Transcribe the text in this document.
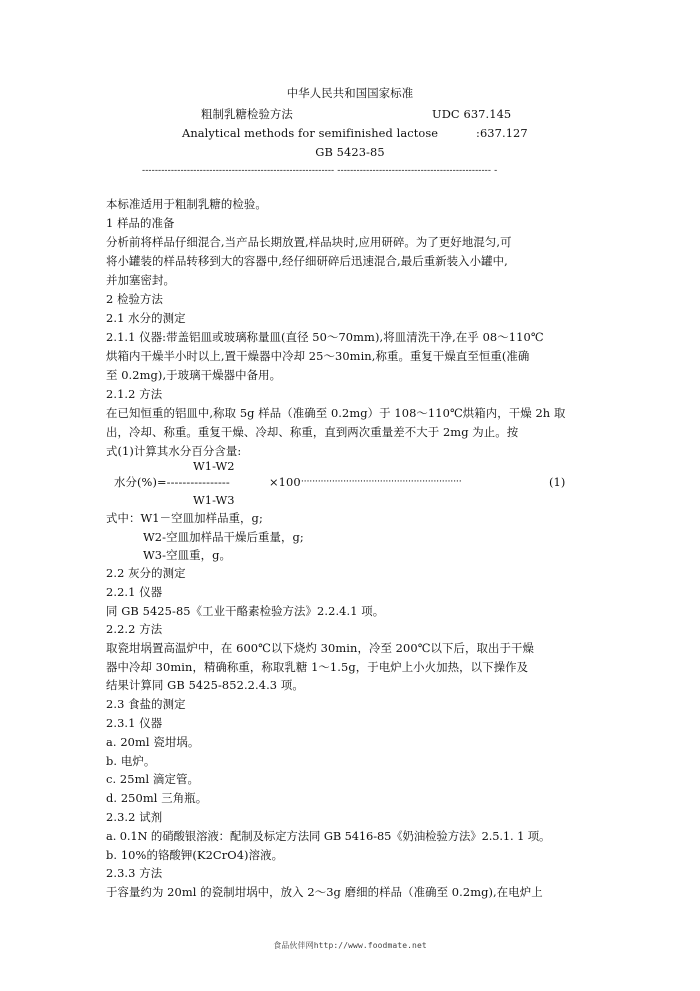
中华人民共和国国家标准
粗制乳糖检验方法	UDC 637.145
Analytical methods for semifinished lactose	:637.127
GB 5423-85
------------------------------------------------------------ ------------------------------------------------ -
本标准适用于粗制乳糖的检验。
1 样品的准备
分析前将样品仔细混合,当产品长期放置,样品块时,应用研碎。为了更好地混匀,可
将小罐装的样品转移到大的容器中,经仔细研碎后迅速混合,最后重新装入小罐中,
并加塞密封。
2 检验方法
2.1 水分的测定
2.1.1 仪器:带盖铝皿或玻璃称量皿(直径 50～70mm),将皿清洗干净,在乎 08～110℃
烘箱内干燥半小时以上,置干燥器中冷却 25～30min,称重。重复干燥直至恒重(准确
至 0.2mg),于玻璃干燥器中备用。
2.1.2 方法
在已知恒重的铝皿中,称取 5g 样品（准确至 0.2mg）于 108～110℃烘箱内，干燥 2h 取
出，冷却、称重。重复干燥、冷却、称重，直到两次重量差不大于 2mg 为止。按
式(1)计算其水分百分含量:
W1-W2
水分(%)=----------------	×100
··························································	(1)
W1-W3
式中：W1－空皿加样品重，g;
W2-空皿加样品干燥后重量，g;
W3-空皿重，g。
2.2 灰分的测定
2.2.1 仪器
同 GB 5425-85《工业干酪素检验方法》2.2.4.1 项。
2.2.2 方法
取瓷坩埚置高温炉中，在 600℃以下烧灼 30min，冷至 200℃以下后，取出于干燥
器中冷却 30min，精确称重，称取乳糖 1～1.5g，于电炉上小火加热，以下操作及
结果计算同 GB 5425-852.2.4.3 项。
2.3 食盐的测定
2.3.1 仪器
a. 20ml 瓷坩埚。
b. 电炉。
c. 25ml 滴定管。
d. 250ml 三角瓶。
2.3.2 试剂
a. 0.1N 的硝酸银溶液：配制及标定方法同 GB 5416-85《奶油检验方法》2.5.1. 1 项。
b. 10%的铬酸钾(K2CrO4)溶液。
2.3.3 方法
于容量约为 20ml 的瓷制坩埚中，放入 2～3g 磨细的样品（准确至 0.2mg),在电炉上
食品伙伴网http://www.foodmate.net
